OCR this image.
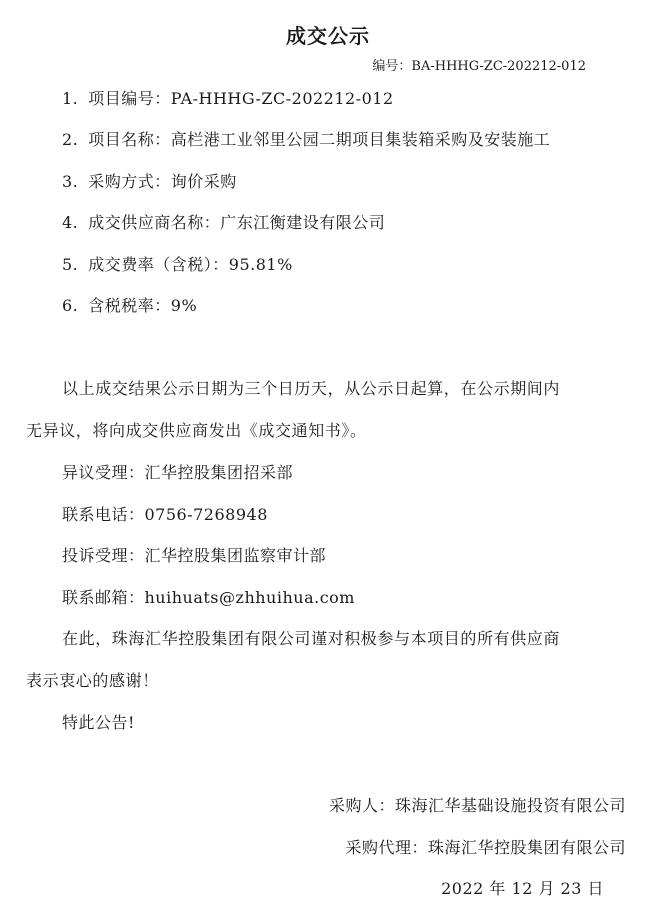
成交公示
编号：BA-HHHG-ZC-202212-012
1. 项目编号：PA-HHHG-ZC-202212-012
2. 项目名称：高栏港工业邻里公园二期项目集装箱采购及安装施工
3. 采购方式：询价采购
4. 成交供应商名称：广东江衡建设有限公司
5. 成交费率（含税）：95.81%
6. 含税税率：9%
以上成交结果公示日期为三个日历天，从公示日起算，在公示期间内
无异议，将向成交供应商发出《成交通知书》。
异议受理：汇华控股集团招采部
联系电话：0756-7268948
投诉受理：汇华控股集团监察审计部
联系邮箱：huihuats@zhhuihua.com
在此，珠海汇华控股集团有限公司谨对积极参与本项目的所有供应商
表示衷心的感谢！
特此公告!
采购人：珠海汇华基础设施投资有限公司
采购代理：珠海汇华控股集团有限公司
2022 年 12 月 23 日
